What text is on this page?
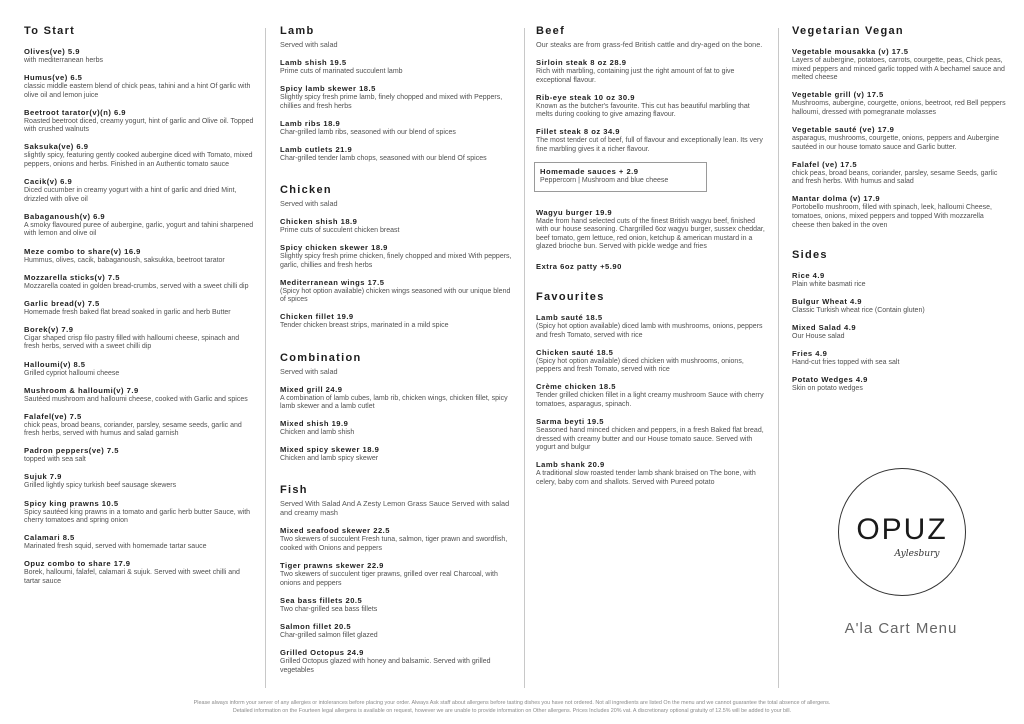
To Start
Olives(ve) 5.9
with mediterranean herbs
Humus(ve) 6.5
classic middle eastern blend of chick peas, tahini and a hint Of garlic with olive oil and lemon juice
Beetroot tarator(v)(n) 6.9
Roasted beetroot diced, creamy yogurt, hint of garlic and Olive oil. Topped with crushed walnuts
Saksuka(ve) 6.9
slightly spicy, featuring gently cooked aubergine diced with Tomato, mixed peppers, onions and herbs. Finished in an Authentic tomato sauce
Cacik(v) 6.9
Diced cucumber in creamy yogurt with a hint of garlic and dried Mint, drizzled with olive oil
Babaganoush(v) 6.9
A smoky flavoured puree of aubergine, garlic, yogurt and tahini sharpened with lemon and olive oil
Meze combo to share(v) 16.9
Hummus, olives, cacik, babaganoush, saksukka, beetroot tarator
Mozzarella sticks(v) 7.5
Mozzarella coated in golden bread-crumbs, served with a sweet chilli dip
Garlic bread(v) 7.5
Homemade fresh baked flat bread soaked in garlic and herb Butter
Borek(v) 7.9
Cigar shaped crisp filo pastry filled with halloumi cheese, spinach and fresh herbs, served with a sweet chilli dip
Halloumi(v) 8.5
Grilled cypriot halloumi cheese
Mushroom & halloumi(v) 7.9
Sautéed mushroom and halloumi cheese, cooked with Garlic and spices
Falafel(ve) 7.5
chick peas, broad beans, coriander, parsley, sesame seeds, garlic and fresh herbs, served with humus and salad garnish
Padron peppers(ve) 7.5
topped with sea salt
Sujuk 7.9
Grilled lightly spicy turkish beef sausage skewers
Spicy king prawns 10.5
Spicy sautéed king prawns in a tomato and garlic herb butter Sauce, with cherry tomatoes and spring onion
Calamari 8.5
Marinated fresh squid, served with homemade tartar sauce
Opuz combo to share 17.9
Borek, halloumi, falafel, calamari & sujuk. Served with sweet chilli and tartar sauce
Lamb
Served with salad
Lamb shish 19.5
Prime cuts of marinated succulent lamb
Spicy lamb skewer 18.5
Slightly spicy fresh prime lamb, finely chopped and mixed with Peppers, chillies and fresh herbs
Lamb ribs 18.9
Char-grilled lamb ribs, seasoned with our blend of spices
Lamb cutlets 21.9
Char-grilled tender lamb chops, seasoned with our blend Of spices
Chicken
Served with salad
Chicken shish 18.9
Prime cuts of succulent chicken breast
Spicy chicken skewer 18.9
Slightly spicy fresh prime chicken, finely chopped and mixed With peppers, garlic, chillies and fresh herbs
Mediterranean wings 17.5
(Spicy hot option available) chicken wings seasoned with our unique blend of spices
Chicken fillet 19.9
Tender chicken breast strips, marinated in a mild spice
Combination
Served with salad
Mixed grill 24.9
A combination of lamb cubes, lamb rib, chicken wings, chicken fillet, spicy lamb skewer and a lamb cutlet
Mixed shish 19.9
Chicken and lamb shish
Mixed spicy skewer 18.9
Chicken and lamb spicy skewer
Fish
Served With Salad And A Zesty Lemon Grass Sauce Served with salad and creamy mash
Mixed seafood skewer 22.5
Two skewers of succulent Fresh tuna, salmon, tiger prawn and swordfish, cooked with Onions and peppers
Tiger prawns skewer 22.9
Two skewers of succulent tiger prawns, grilled over real Charcoal, with onions and peppers
Sea bass fillets 20.5
Two char-grilled sea bass fillets
Salmon fillet 20.5
Char-grilled salmon fillet glazed
Grilled Octopus 24.9
Grilled Octopus glazed with honey and balsamic. Served with grilled vegetables
Beef
Our steaks are from grass-fed British cattle and dry-aged on the bone.
Sirloin steak 8 oz 28.9
Rich with marbling, containing just the right amount of fat to give exceptional flavour.
Rib-eye steak 10 oz 30.9
Known as the butcher's favourite. This cut has beautiful marbling that melts during cooking to give amazing flavour.
Fillet steak 8 oz 34.9
The most tender cut of beef, full of flavour and exceptionally lean. Its very fine marbling gives it a richer flavour.
Homemade sauces + 2.9
Peppercorn | Mushroom and blue cheese
Wagyu burger 19.9
Made from hand selected cuts of the finest British wagyu beef, finished with our house seasoning. Chargrilled 6oz wagyu burger, sussex cheddar, beef tomato, gem lettuce, red onion, ketchup & american mustard in a glazed brioche bun. Served with pickle wedge and fries
Extra 6oz patty +5.90
Favourites
Lamb sauté 18.5
(Spicy hot option available) diced lamb with mushrooms, onions, peppers and fresh Tomato, served with rice
Chicken sauté 18.5
(Spicy hot option available) diced chicken with mushrooms, onions, peppers and fresh Tomato, served with rice
Crème chicken 18.5
Tender grilled chicken fillet in a light creamy mushroom Sauce with cherry tomatoes, asparagus, spinach.
Sarma beyti 19.5
Seasoned hand minced chicken and peppers, in a fresh Baked flat bread, dressed with creamy butter and our House tomato sauce. Served with yogurt and bulgur
Lamb shank 20.9
A traditional slow roasted tender lamb shank braised on The bone, with celery, baby corn and shallots. Served with Pureed potato
Vegetarian Vegan
Vegetable mousakka (v) 17.5
Layers of aubergine, potatoes, carrots, courgette, peas, Chick peas, mixed peppers and minced garlic topped with A bechamel sauce and melted cheese
Vegetable grill (v) 17.5
Mushrooms, aubergine, courgette, onions, beetroot, red Bell peppers halloumi, dressed with pomegranate molasses
Vegetable sauté (ve) 17.9
asparagus, mushrooms, courgette, onions, peppers and Aubergine sautéed in our house tomato sauce and Garlic butter.
Falafel (ve) 17.5
chick peas, broad beans, coriander, parsley, sesame Seeds, garlic and fresh herbs. With humus and salad
Mantar dolma (v) 17.9
Portobello mushroom, filled with spinach, leek, halloumi Cheese, tomatoes, onions, mixed peppers and topped With mozzarella cheese then baked in the oven
Sides
Rice 4.9
Plain white basmati rice
Bulgur Wheat 4.9
Classic Turkish wheat rice (Contain gluten)
Mixed Salad 4.9
Our House salad
Fries 4.9
Hand-cut fries topped with sea salt
Potato Wedges 4.9
Skin on potato wedges
OPUZ
Aylesbury
A'la Cart Menu
Please always inform your server of any allergies or intolerances before placing your order. Always Ask staff about allergens before tasting dishes you have not ordered. Not all ingredients are listed On the menu and we cannot guarantee the total absence of allergens.
Detailed information on the Fourteen legal allergens is available on request, however we are unable to provide information on Other allergens. Prices Includes 20% vat. A discretionary optional gratuity of 12.5% will be added to your bill.
